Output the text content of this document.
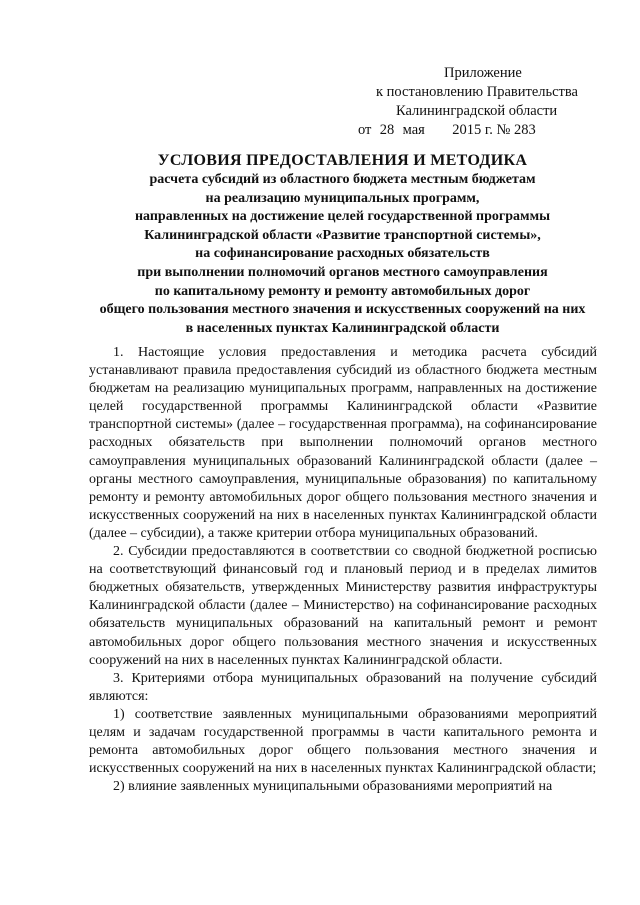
Приложение
к постановлению Правительства
Калининградской области
от 28 мая 2015 г. № 283
УСЛОВИЯ ПРЕДОСТАВЛЕНИЯ И МЕТОДИКА
расчета субсидий из областного бюджета местным бюджетам
на реализацию муниципальных программ,
направленных на достижение целей государственной программы
Калининградской области «Развитие транспортной системы»,
на софинансирование расходных обязательств
при выполнении полномочий органов местного самоуправления
по капитальному ремонту и ремонту автомобильных дорог
общего пользования местного значения и искусственных сооружений на них
в населенных пунктах Калининградской области

1. Настоящие условия предоставления и методика расчета субсидий устанавливают правила предоставления субсидий из областного бюджета местным бюджетам на реализацию муниципальных программ, направленных на достижение целей государственной программы Калининградской области «Развитие транспортной системы» (далее – государственная программа), на софинансирование расходных обязательств при выполнении полномочий органов местного самоуправления муниципальных образований Калининградской области (далее – органы местного самоуправления, муниципальные образования) по капитальному ремонту и ремонту автомобильных дорог общего пользования местного значения и искусственных сооружений на них в населенных пунктах Калининградской области (далее – субсидии), а также критерии отбора муниципальных образований.

2. Субсидии предоставляются в соответствии со сводной бюджетной росписью на соответствующий финансовый год и плановый период и в пределах лимитов бюджетных обязательств, утвержденных Министерству развития инфраструктуры Калининградской области (далее – Министерство) на софинансирование расходных обязательств муниципальных образований на капитальный ремонт и ремонт автомобильных дорог общего пользования местного значения и искусственных сооружений на них в населенных пунктах Калининградской области.

3. Критериями отбора муниципальных образований на получение субсидий являются:

1) соответствие заявленных муниципальными образованиями мероприятий целям и задачам государственной программы в части капитального ремонта и ремонта автомобильных дорог общего пользования местного значения и искусственных сооружений на них в населенных пунктах Калининградской области;

2) влияние заявленных муниципальными образованиями мероприятий на
